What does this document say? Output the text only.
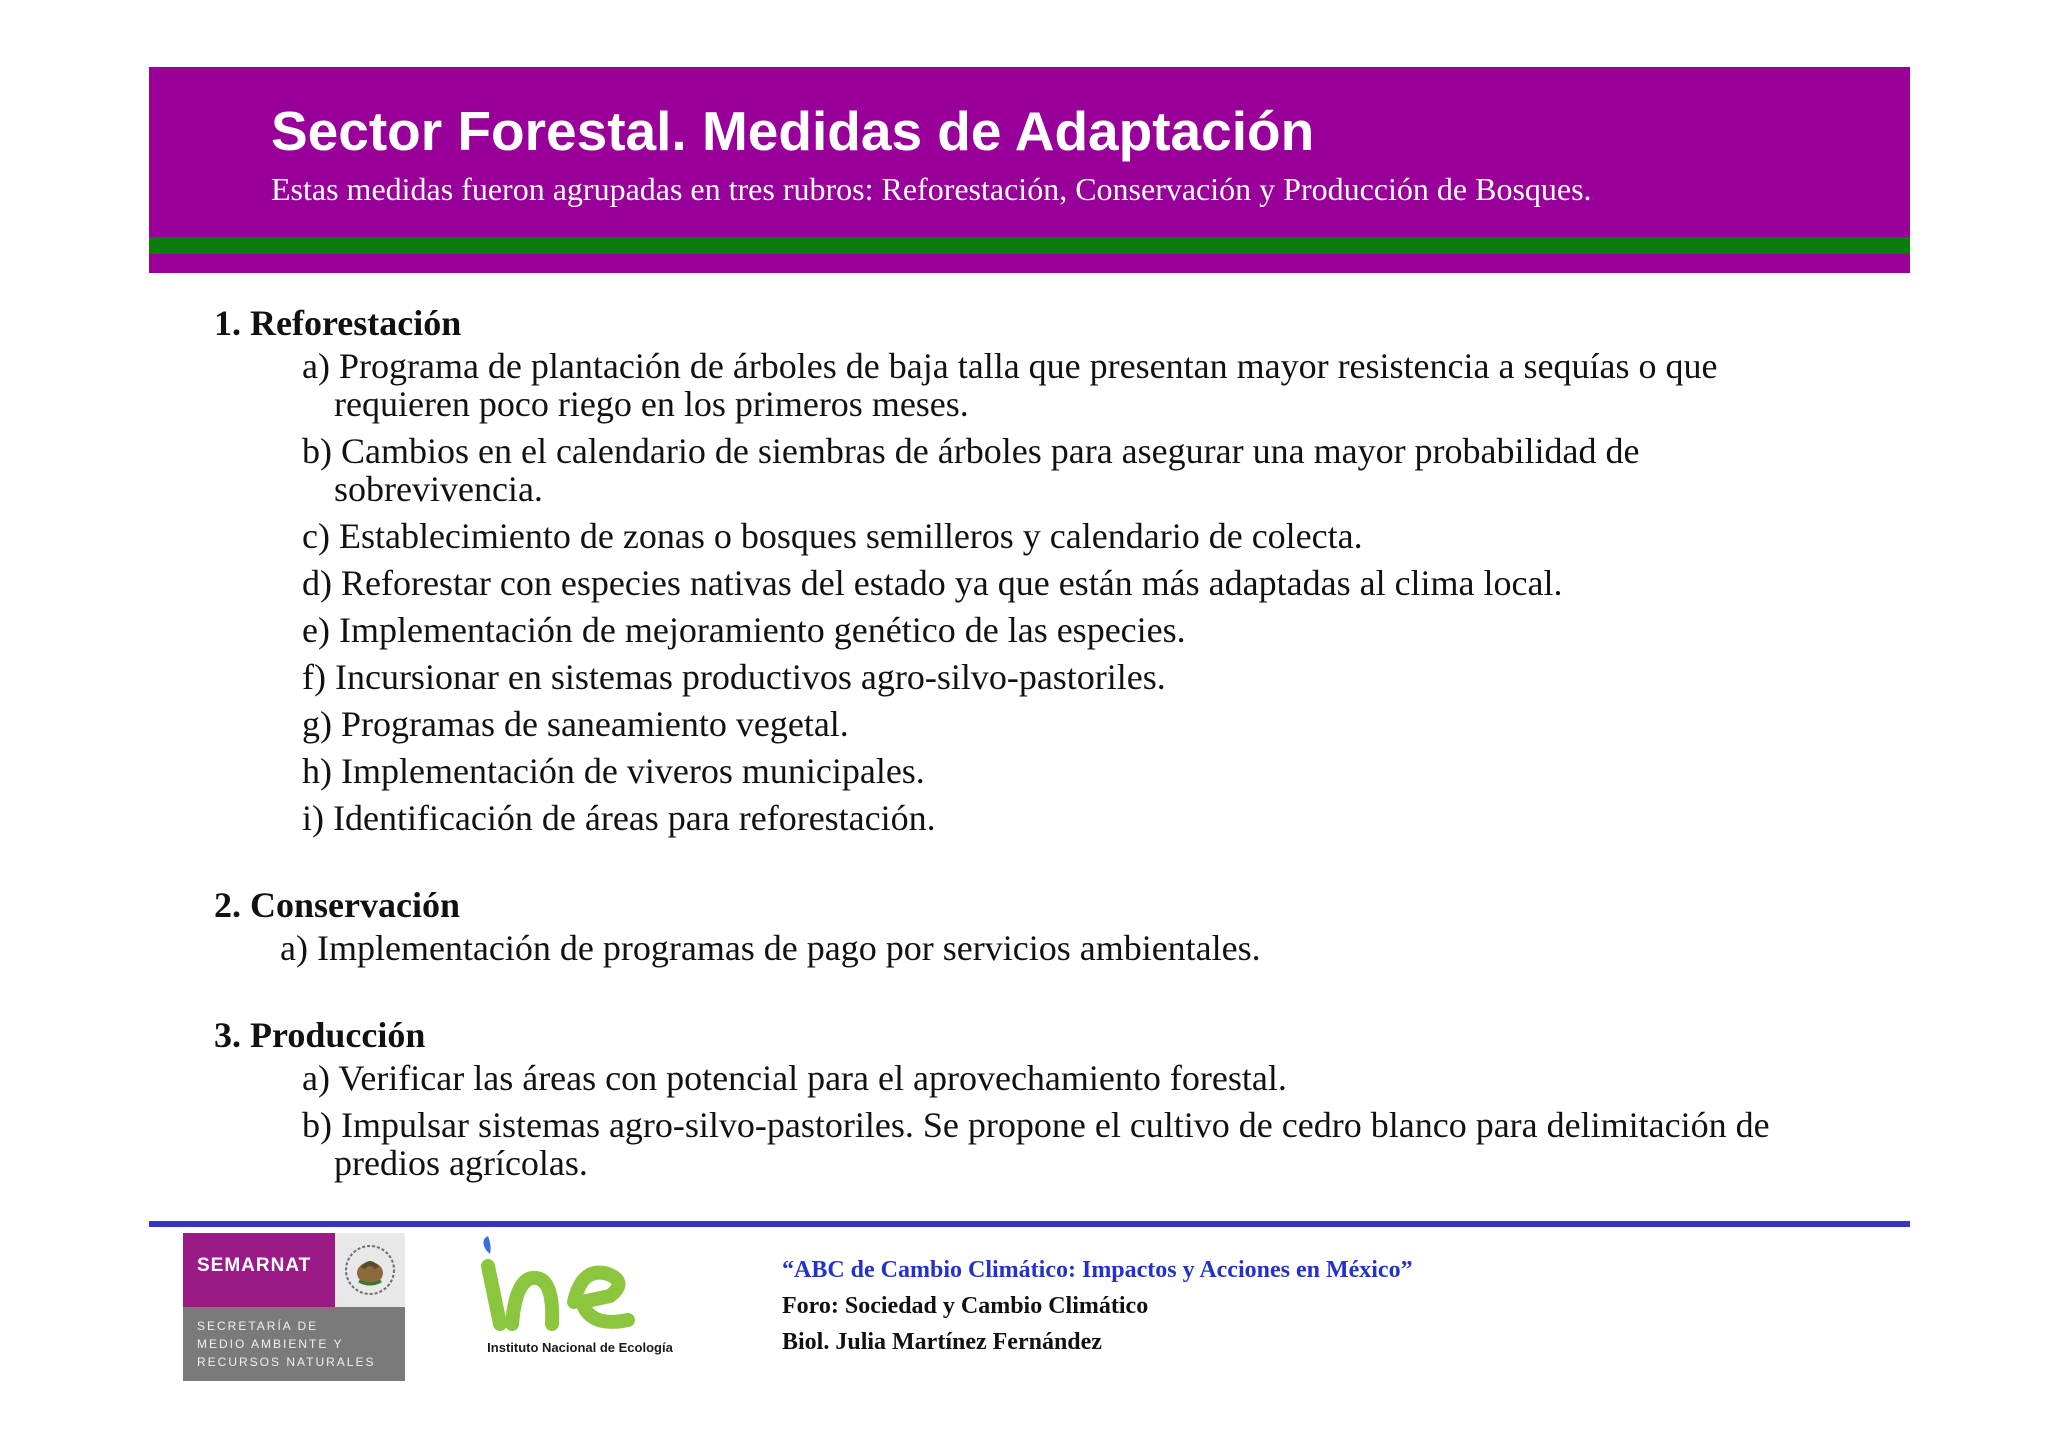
Sector Forestal. Medidas de Adaptación
Estas medidas fueron agrupadas en tres rubros: Reforestación, Conservación y Producción de Bosques.
1. Reforestación
a) Programa de plantación de árboles de baja talla que presentan mayor resistencia a sequías o que requieren poco riego en los primeros meses.
b) Cambios en el calendario de siembras de árboles para asegurar una mayor probabilidad de sobrevivencia.
c) Establecimiento de zonas o bosques semilleros y calendario de colecta.
d) Reforestar con especies nativas del estado ya que están más adaptadas al clima local.
e) Implementación de mejoramiento genético de las especies.
f) Incursionar en sistemas productivos agro-silvo-pastoriles.
g) Programas de saneamiento vegetal.
h) Implementación de viveros municipales.
i) Identificación de áreas para reforestación.
2. Conservación
a) Implementación de programas de pago por servicios ambientales.
3. Producción
a) Verificar las áreas con potencial para el aprovechamiento forestal.
b) Impulsar sistemas agro-silvo-pastoriles. Se propone el cultivo de cedro blanco para delimitación de predios agrícolas.
SEMARNAT
SECRETARÍA DE
MEDIO AMBIENTE Y
RECURSOS NATURALES
Instituto Nacional de Ecología
“ABC de Cambio Climático: Impactos y Acciones en México”
Foro: Sociedad y Cambio Climático
Biol. Julia Martínez Fernández
